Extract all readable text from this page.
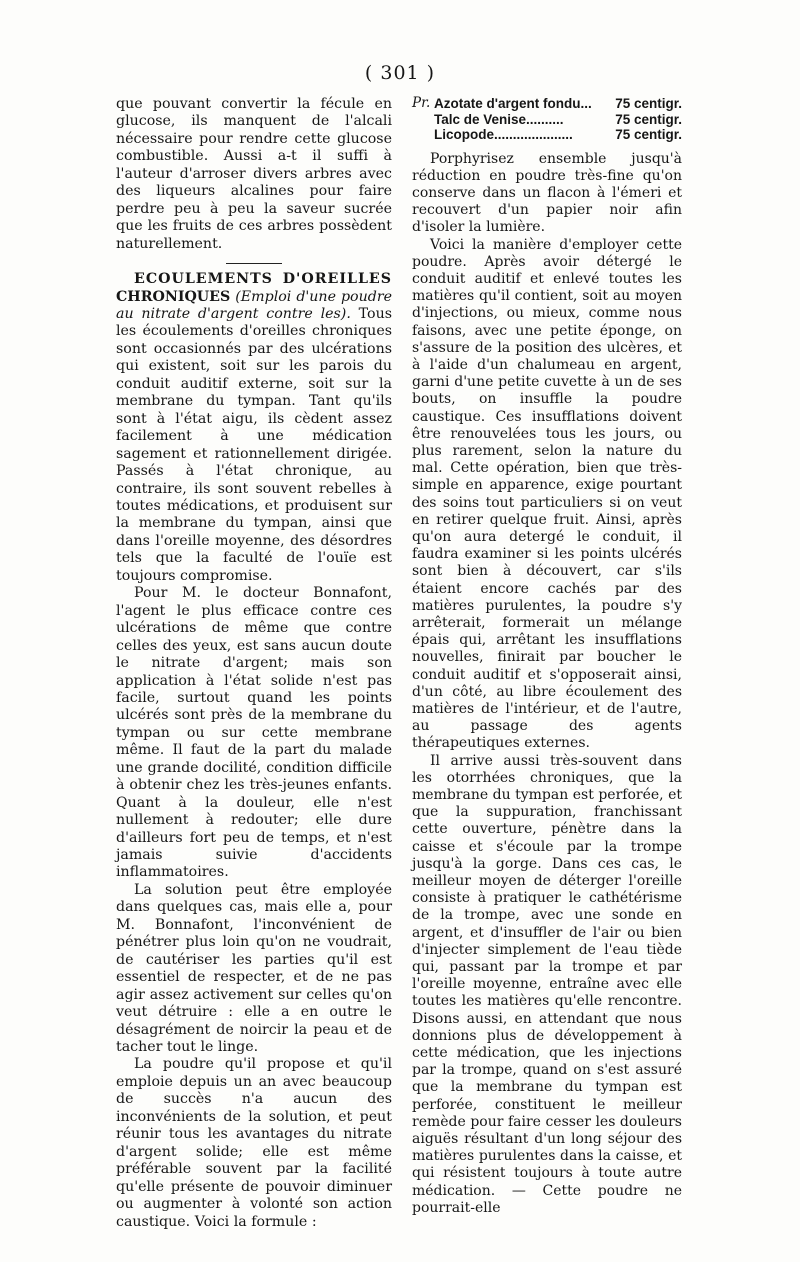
( 301 )

que pouvant convertir la fécule en glucose, ils manquent de l'alcali nécessaire pour rendre cette glucose combustible. Aussi a-t il suffi à l'auteur d'arroser divers arbres avec des liqueurs alcalines pour faire perdre peu à peu la saveur sucrée que les fruits de ces arbres possèdent naturellement.

ECOULEMENTS D'OREILLES CHRONIQUES (Emploi d'une poudre au nitrate d'argent contre les). Tous les écoulements d'oreilles chroniques sont occasionnés par des ulcérations qui existent, soit sur les parois du conduit auditif externe, soit sur la membrane du tympan. Tant qu'ils sont à l'état aigu, ils cèdent assez facilement à une médication sagement et rationnellement dirigée. Passés à l'état chronique, au contraire, ils sont souvent rebelles à toutes médications, et produisent sur la membrane du tympan, ainsi que dans l'oreille moyenne, des désordres tels que la faculté de l'ouïe est toujours compromise.

Pour M. le docteur Bonnafont, l'agent le plus efficace contre ces ulcérations de même que contre celles des yeux, est sans aucun doute le nitrate d'argent; mais son application à l'état solide n'est pas facile, surtout quand les points ulcérés sont près de la membrane du tympan ou sur cette membrane même. Il faut de la part du malade une grande docilité, condition difficile à obtenir chez les très-jeunes enfants. Quant à la douleur, elle n'est nullement à redouter; elle dure d'ailleurs fort peu de temps, et n'est jamais suivie d'accidents inflammatoires.

La solution peut être employée dans quelques cas, mais elle a, pour M. Bonnafont, l'inconvénient de pénétrer plus loin qu'on ne voudrait, de cautériser les parties qu'il est essentiel de respecter, et de ne pas agir assez activement sur celles qu'on veut détruire : elle a en outre le désagrément de noircir la peau et de tacher tout le linge.

La poudre qu'il propose et qu'il emploie depuis un an avec beaucoup de succès n'a aucun des inconvénients de la solution, et peut réunir tous les avantages du nitrate d'argent solide; elle est même préférable souvent par la facilité qu'elle présente de pouvoir diminuer ou augmenter à volonté son action caustique. Voici la formule :

Pr. Azotate d'argent fondu...	75 centigr.
Talc de Venise..........	75 centigr.
Licopode.....................	75 centigr.

Porphyrisez ensemble jusqu'à réduction en poudre très-fine qu'on conserve dans un flacon à l'émeri et recouvert d'un papier noir afin d'isoler la lumière.

Voici la manière d'employer cette poudre. Après avoir détergé le conduit auditif et enlevé toutes les matières qu'il contient, soit au moyen d'injections, ou mieux, comme nous faisons, avec une petite éponge, on s'assure de la position des ulcères, et à l'aide d'un chalumeau en argent, garni d'une petite cuvette à un de ses bouts, on insuffle la poudre caustique. Ces insufflations doivent être renouvelées tous les jours, ou plus rarement, selon la nature du mal. Cette opération, bien que très-simple en apparence, exige pourtant des soins tout particuliers si on veut en retirer quelque fruit. Ainsi, après qu'on aura detergé le conduit, il faudra examiner si les points ulcérés sont bien à découvert, car s'ils étaient encore cachés par des matières purulentes, la poudre s'y arrêterait, formerait un mélange épais qui, arrêtant les insufflations nouvelles, finirait par boucher le conduit auditif et s'opposerait ainsi, d'un côté, au libre écoulement des matières de l'intérieur, et de l'autre, au passage des agents thérapeutiques externes.

Il arrive aussi très-souvent dans les otorrhées chroniques, que la membrane du tympan est perforée, et que la suppuration, franchissant cette ouverture, pénètre dans la caisse et s'écoule par la trompe jusqu'à la gorge. Dans ces cas, le meilleur moyen de déterger l'oreille consiste à pratiquer le cathétérisme de la trompe, avec une sonde en argent, et d'insuffler de l'air ou bien d'injecter simplement de l'eau tiède qui, passant par la trompe et par l'oreille moyenne, entraîne avec elle toutes les matières qu'elle rencontre. Disons aussi, en attendant que nous donnions plus de développement à cette médication, que les injections par la trompe, quand on s'est assuré que la membrane du tympan est perforée, constituent le meilleur remède pour faire cesser les douleurs aiguës résultant d'un long séjour des matières purulentes dans la caisse, et qui résistent toujours à toute autre médication. — Cette poudre ne pourrait-elle
